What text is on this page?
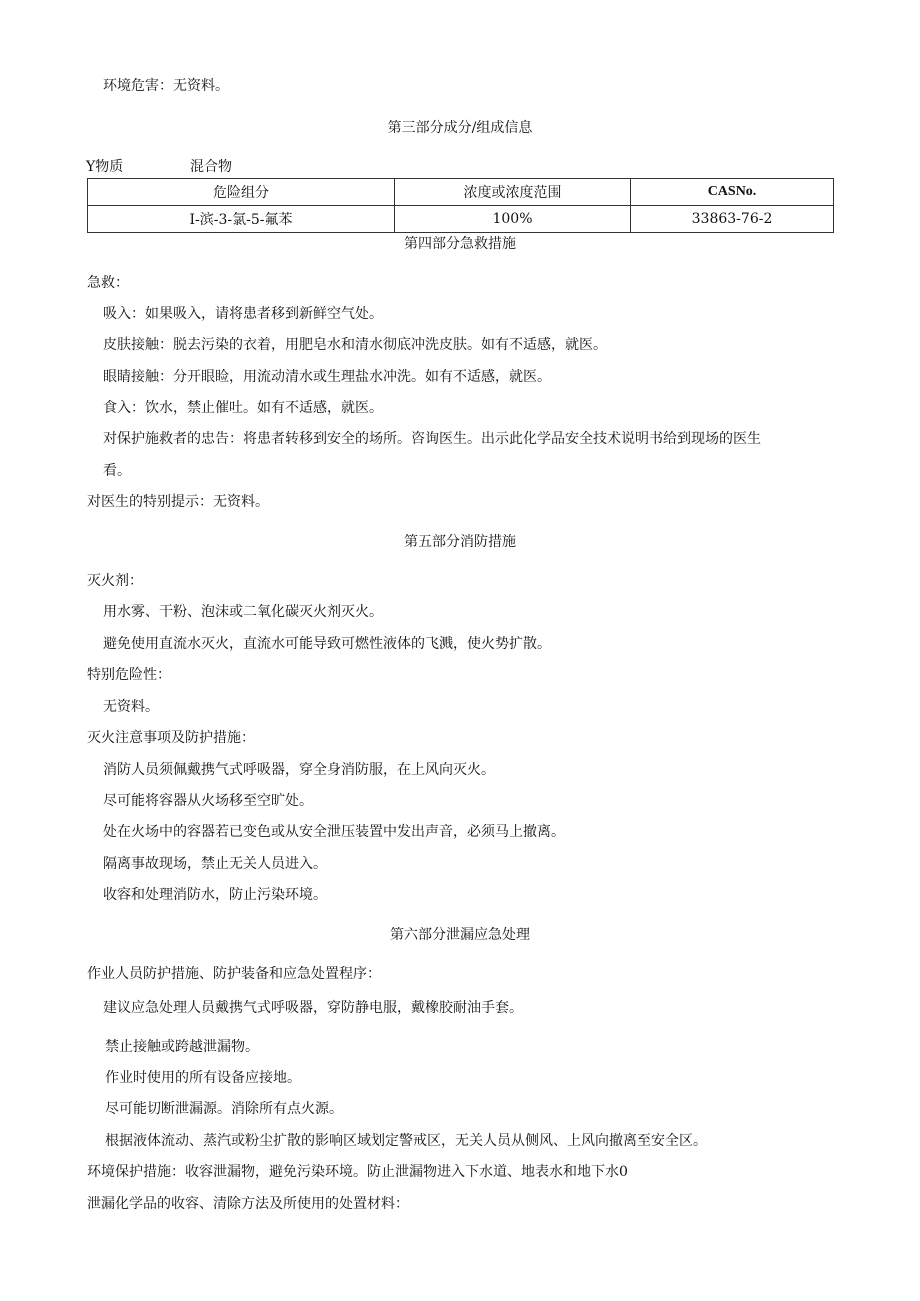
环境危害：无资料。
第三部分成分/组成信息
Y物质	混合物
危险组分	浓度或浓度范围	CASNo.
I-滨-3-氯-5-氟苯	100%	33863-76-2
第四部分急救措施
急救：
吸入：如果吸入，请将患者移到新鲜空气处。
皮肤接触：脱去污染的衣着，用肥皂水和清水彻底冲洗皮肤。如有不适感，就医。
眼睛接触：分开眼睑，用流动清水或生理盐水冲洗。如有不适感，就医。
食入：饮水，禁止催吐。如有不适感，就医。
对保护施救者的忠告：将患者转移到安全的场所。咨询医生。出示此化学品安全技术说明书给到现场的医生
看。
对医生的特别提示：无资料。
第五部分消防措施
灭火剂：
用水雾、干粉、泡沫或二氧化碳灭火剂灭火。
避免使用直流水灭火，直流水可能导致可燃性液体的飞溅，使火势扩散。
特别危险性：
无资料。
灭火注意事项及防护措施：
消防人员须佩戴携气式呼吸器，穿全身消防服，在上风向灭火。
尽可能将容器从火场移至空旷处。
处在火场中的容器若已变色或从安全泄压装置中发出声音，必须马上撤离。
隔离事故现场，禁止无关人员进入。
收容和处理消防水，防止污染环境。
第六部分泄漏应急处理
作业人员防护措施、防护装备和应急处置程序：
建议应急处理人员戴携气式呼吸器，穿防静电服，戴橡胶耐油手套。
禁止接触或跨越泄漏物。
作业时使用的所有设备应接地。
尽可能切断泄漏源。消除所有点火源。
根据液体流动、蒸汽或粉尘扩散的影响区域划定警戒区，无关人员从侧风、上风向撤离至安全区。
环境保护措施：收容泄漏物，避免污染环境。防止泄漏物进入下水道、地表水和地下水0
泄漏化学品的收容、清除方法及所使用的处置材料：
